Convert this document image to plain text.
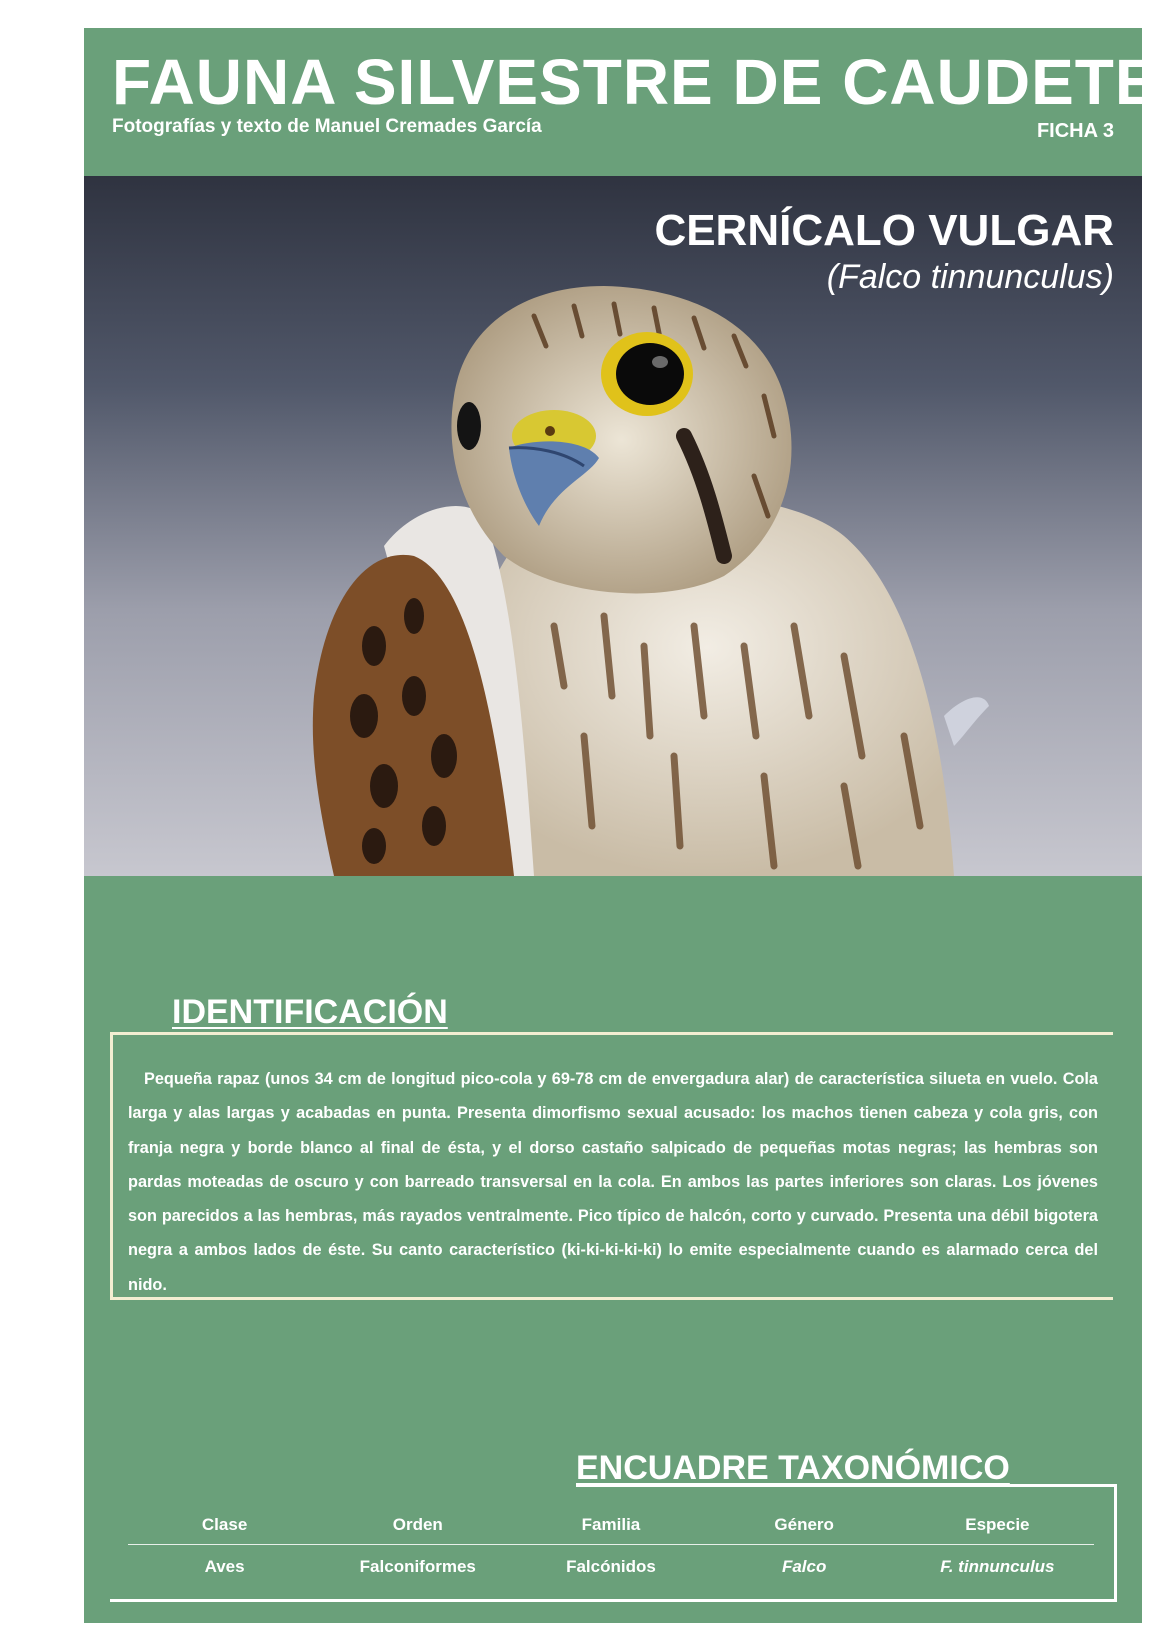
FAUNA SILVESTRE DE CAUDETE
Fotografías y texto de Manuel Cremades García	FICHA 3
CERNÍCALO VULGAR
(Falco tinnunculus)
IDENTIFICACIÓN

Pequeña rapaz (unos 34 cm de longitud pico-cola y 69-78 cm de envergadura alar) de característica silueta en vuelo. Cola larga y alas largas y acabadas en punta. Presenta dimorfismo sexual acusado: los machos tienen cabeza y cola gris, con franja negra y borde blanco al final de ésta, y el dorso castaño salpicado de pequeñas motas negras; las hembras son pardas moteadas de oscuro y con barreado transversal en la cola. En ambos las partes inferiores son claras. Los jóvenes son parecidos a las hembras, más rayados ventralmente. Pico típico de halcón, corto y curvado. Presenta una débil bigotera negra a ambos lados de éste. Su canto característico (ki-ki-ki-ki-ki) lo emite especialmente cuando es alarmado cerca del nido.

ENCUADRE TAXONÓMICO
Clase	Orden	Familia	Género	Especie
Aves	Falconiformes	Falcónidos	Falco	F. tinnunculus
